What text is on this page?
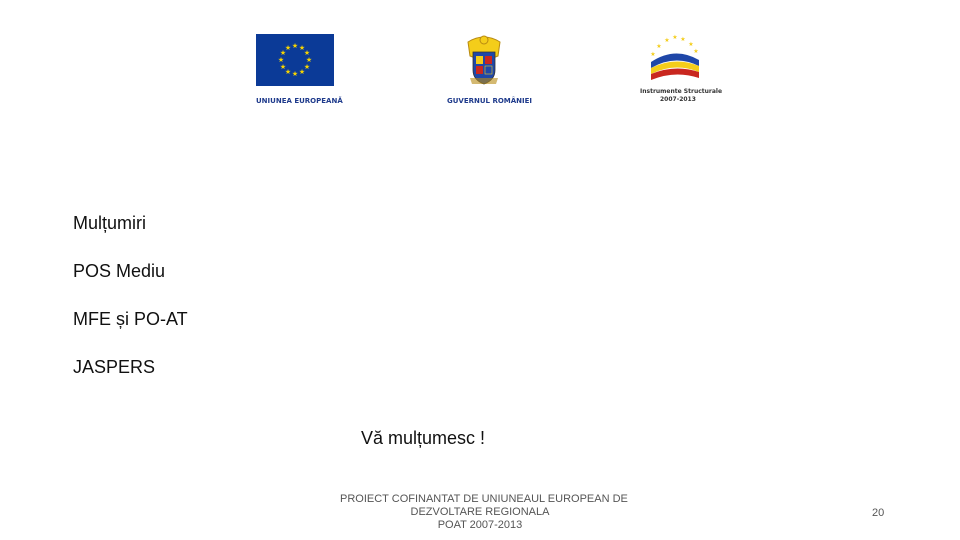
★ ★
★
★
★
★
★
★
★
★
★
★
UNIUNEA EUROPEANĂ	GUVERNUL ROMÂNIEI
★
★ ★ ★
★
★
★
Instrumente Structurale
2007-2013
Mulțumiri
POS Mediu
MFE și PO-AT
JASPERS
Vă mulțumesc !
PROIECT COFINANTAT DE UNIUNEAUL EUROPEAN DE
DEZVOLTARE REGIONALA
POAT 2007-2013
20
